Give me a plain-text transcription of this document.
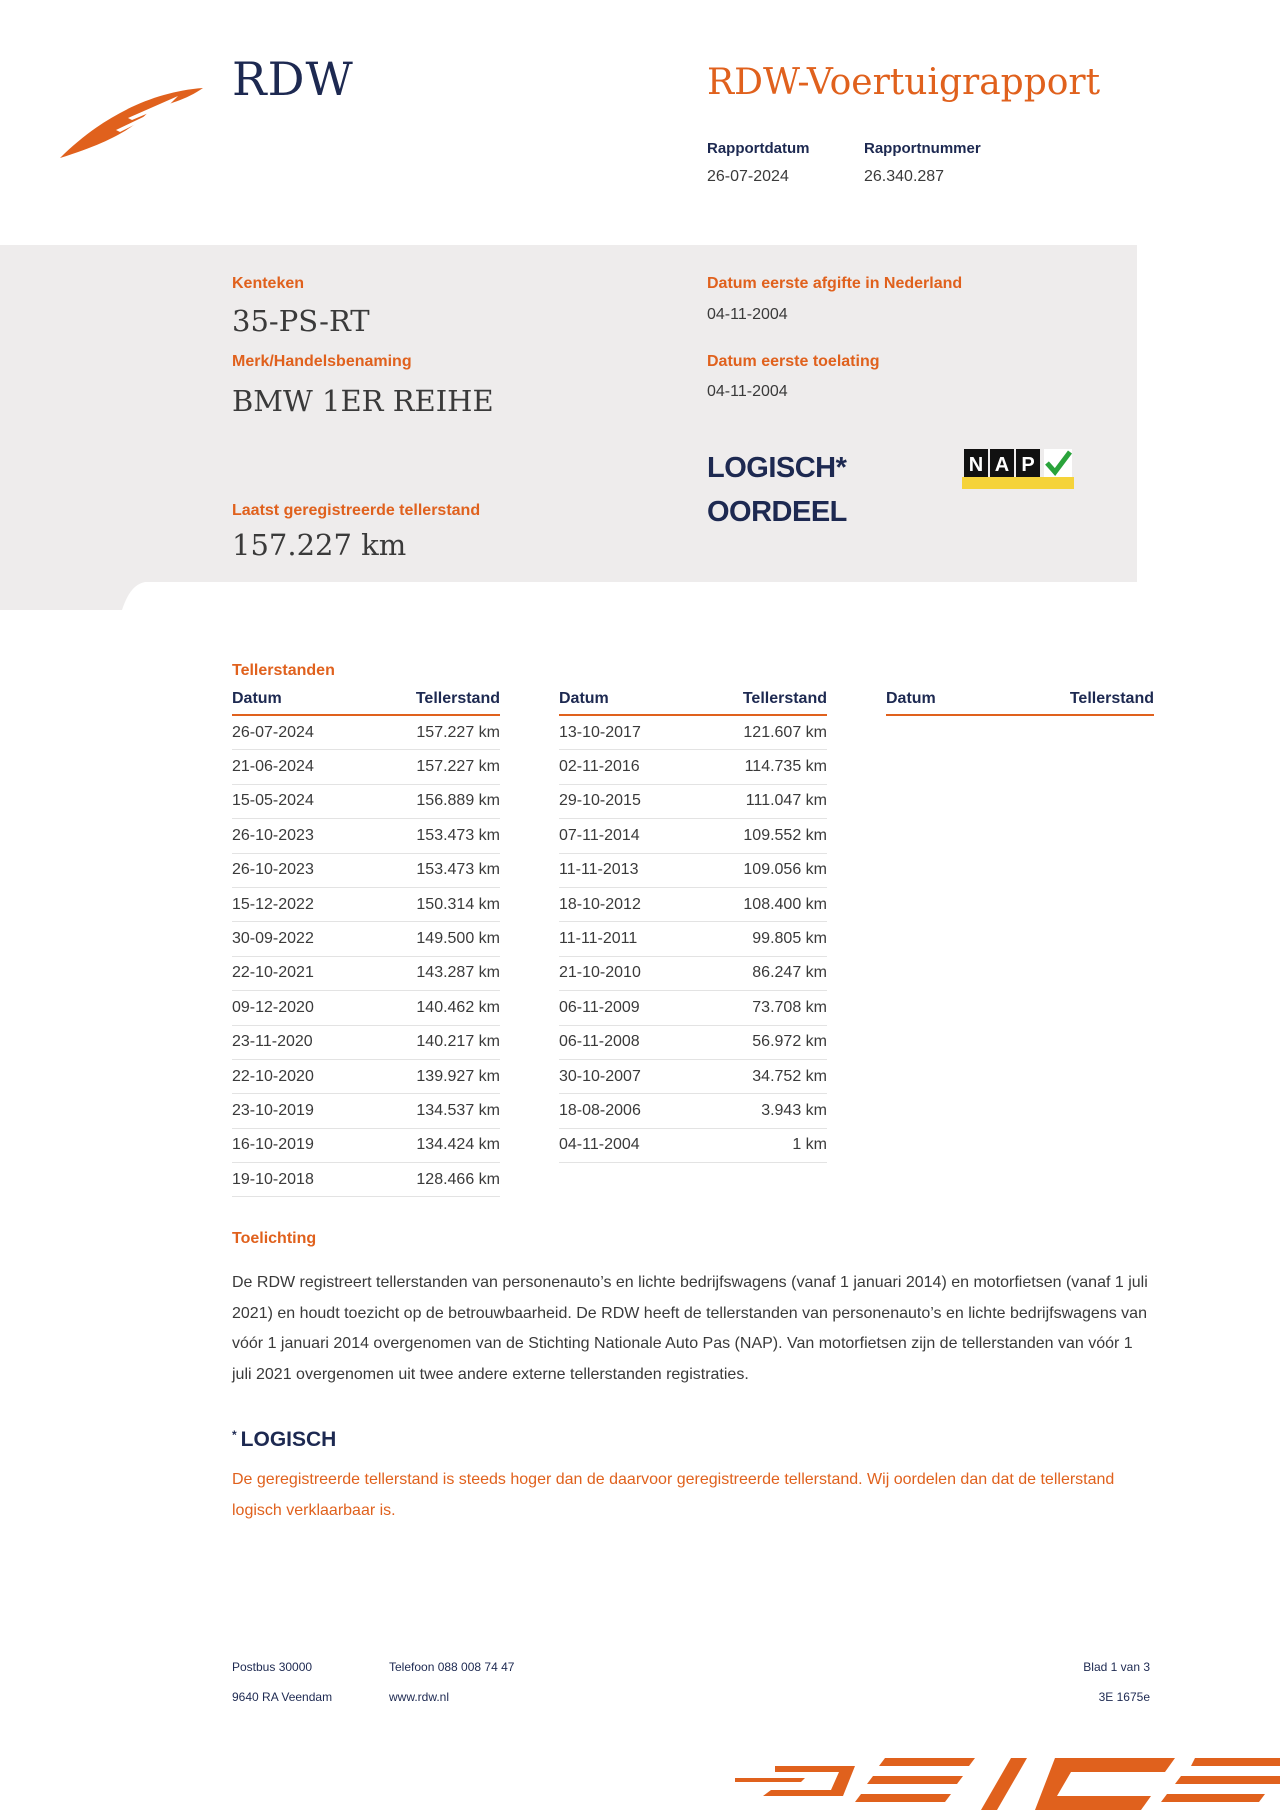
RDW	RDW-Voertuigrapport
Rapportdatum
26-07-2024
Rapportnummer
26.340.287
Kenteken
35-PS-RT
Merk/Handelsbenaming
BMW 1ER REIHE
Laatst geregistreerde tellerstand
157.227 km
Datum eerste afgifte in Nederland
04-11-2004
Datum eerste toelating
04-11-2004
LOGISCH*
OORDEEL
N A P
Tellerstanden
Datum	Tellerstand
26-07-2024	157.227 km
21-06-2024	157.227 km
15-05-2024	156.889 km
26-10-2023	153.473 km
26-10-2023	153.473 km
15-12-2022	150.314 km
30-09-2022	149.500 km
22-10-2021	143.287 km
09-12-2020	140.462 km
23-11-2020	140.217 km
22-10-2020	139.927 km
23-10-2019	134.537 km
16-10-2019	134.424 km
19-10-2018	128.466 km
Datum	Tellerstand
13-10-2017	121.607 km
02-11-2016	114.735 km
29-10-2015	111.047 km
07-11-2014	109.552 km
11-11-2013	109.056 km
18-10-2012	108.400 km
11-11-2011	99.805 km
21-10-2010	86.247 km
06-11-2009	73.708 km
06-11-2008	56.972 km
30-10-2007	34.752 km
18-08-2006	3.943 km
04-11-2004	1 km
Datum	Tellerstand
Toelichting
De RDW registreert tellerstanden van personenauto’s en lichte bedrijfswagens (vanaf 1 januari 2014) en motorfietsen (vanaf 1 juli 2021) en houdt toezicht op de betrouwbaarheid. De RDW heeft de tellerstanden van personenauto’s en lichte bedrijfswagens van vóór 1 januari 2014 overgenomen van de Stichting Nationale Auto Pas (NAP). Van motorfietsen zijn de tellerstanden van vóór 1 juli 2021 overgenomen uit twee andere externe tellerstanden registraties.
* LOGISCH
De geregistreerde tellerstand is steeds hoger dan de daarvoor geregistreerde tellerstand. Wij oordelen dan dat de tellerstand logisch verklaarbaar is.
Postbus 30000
9640 RA Veendam
Telefoon 088 008 74 47
www.rdw.nl
Blad 1 van 3
3E 1675e
